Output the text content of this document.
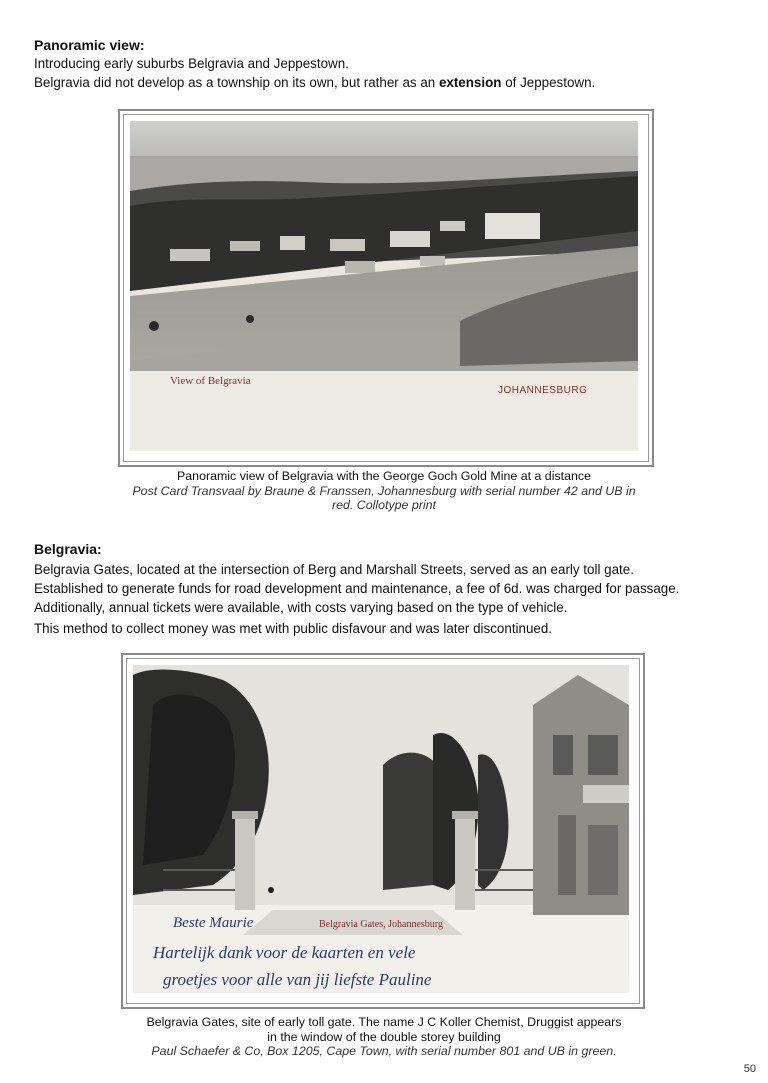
Panoramic view:

Introducing early suburbs Belgravia and Jeppestown.

Belgravia did not develop as a township on its own, but rather as an extension of Jeppestown.

View of Belgravia
JOHANNESBURG
Panoramic view of Belgravia with the George Goch Gold Mine at a distance
Post Card Transvaal by Braune & Franssen, Johannesburg with serial number 42 and UB in
red. Collotype print

Belgravia:

Belgravia Gates, located at the intersection of Berg and Marshall Streets, served as an early toll gate.

Established to generate funds for road development and maintenance, a fee of 6d. was charged for passage.

Additionally, annual tickets were available, with costs varying based on the type of vehicle.

This method to collect money was met with public disfavour and was later discontinued.

Belgravia Gates, Johannesburg
Beste Maurie
Hartelijk dank voor de kaarten en vele
groetjes voor alle van jij liefste Pauline
Belgravia Gates, site of early toll gate. The name J C Koller Chemist, Druggist appears
in the window of the double storey building
Paul Schaefer & Co, Box 1205, Cape Town, with serial number 801 and UB in green.
50
